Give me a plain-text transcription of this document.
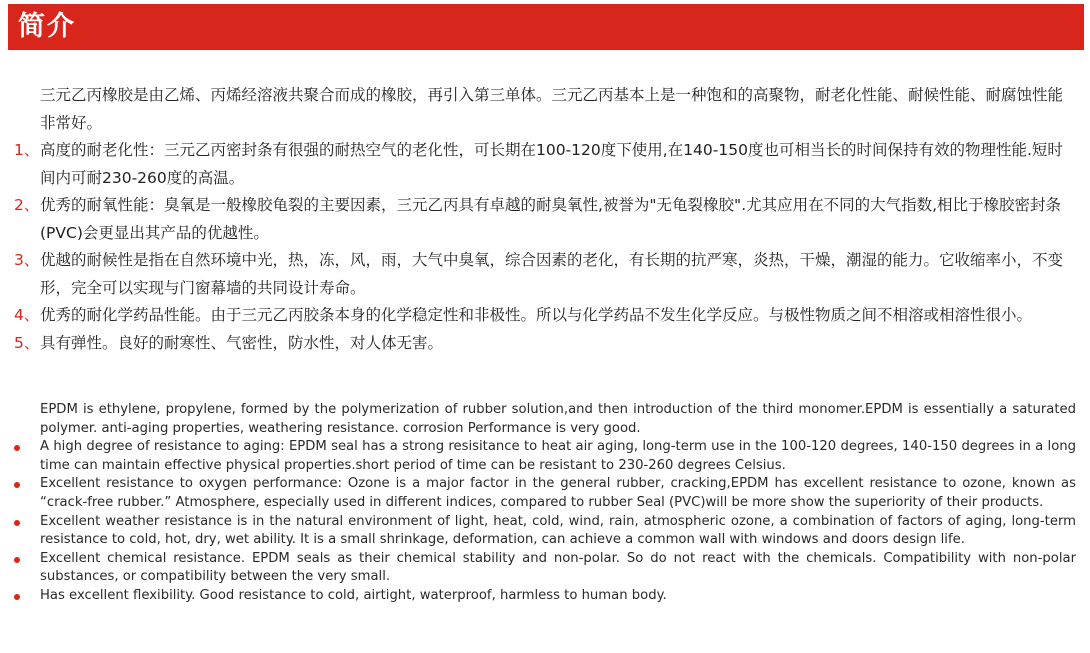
简介

三元乙丙橡胶是由乙烯、丙烯经溶液共聚合而成的橡胶，再引入第三单体。三元乙丙基本上是一种饱和的高聚物，耐老化性能、耐候性能、耐腐蚀性能非常好。

1、 高度的耐老化性：三元乙丙密封条有很强的耐热空气的老化性，可长期在100-120度下使用,在140-150度也可相当长的时间保持有效的物理性能.短时间内可耐230-260度的高温。
2、 优秀的耐氧性能：臭氧是一般橡胶龟裂的主要因素，三元乙丙具有卓越的耐臭氧性,被誉为"无龟裂橡胶".尤其应用在不同的大气指数,相比于橡胶密封条(PVC)会更显出其产品的优越性。
3、 优越的耐候性是指在自然环境中光，热，冻，风，雨，大气中臭氧，综合因素的老化，有长期的抗严寒，炎热，干燥，潮湿的能力。它收缩率小，不变形，完全可以实现与门窗幕墙的共同设计寿命。
4、 优秀的耐化学药品性能。由于三元乙丙胶条本身的化学稳定性和非极性。所以与化学药品不发生化学反应。与极性物质之间不相溶或相溶性很小。
5、 具有弹性。良好的耐寒性、气密性，防水性，对人体无害。

EPDM is ethylene, propylene, formed by the polymerization of rubber solution,and then introduction of the third monomer.EPDM is essentially a saturated polymer. anti-aging properties, weathering resistance. corrosion Performance is very good.

A high degree of resistance to aging: EPDM seal has a strong resisitance to heat air aging, long-term use in the 100-120 degrees, 140-150 degrees in a long time can maintain effective physical properties.short period of time can be resistant to 230-260 degrees Celsius.
Excellent resistance to oxygen performance: Ozone is a major factor in the general rubber, cracking,EPDM has excellent resistance to ozone, known as “crack-free rubber.” Atmosphere, especially used in different indices, compared to rubber Seal (PVC)will be more show the superiority of their products.
Excellent weather resistance is in the natural environment of light, heat, cold, wind, rain, atmospheric ozone, a combination of factors of aging, long-term resistance to cold, hot, dry, wet ability. It is a small shrinkage, deformation, can achieve a common wall with windows and doors design life.
Excellent chemical resistance. EPDM seals as their chemical stability and non-polar. So do not react with the chemicals. Compatibility with non-polar substances, or compatibility between the very small.
Has excellent flexibility. Good resistance to cold, airtight, waterproof, harmless to human body.
